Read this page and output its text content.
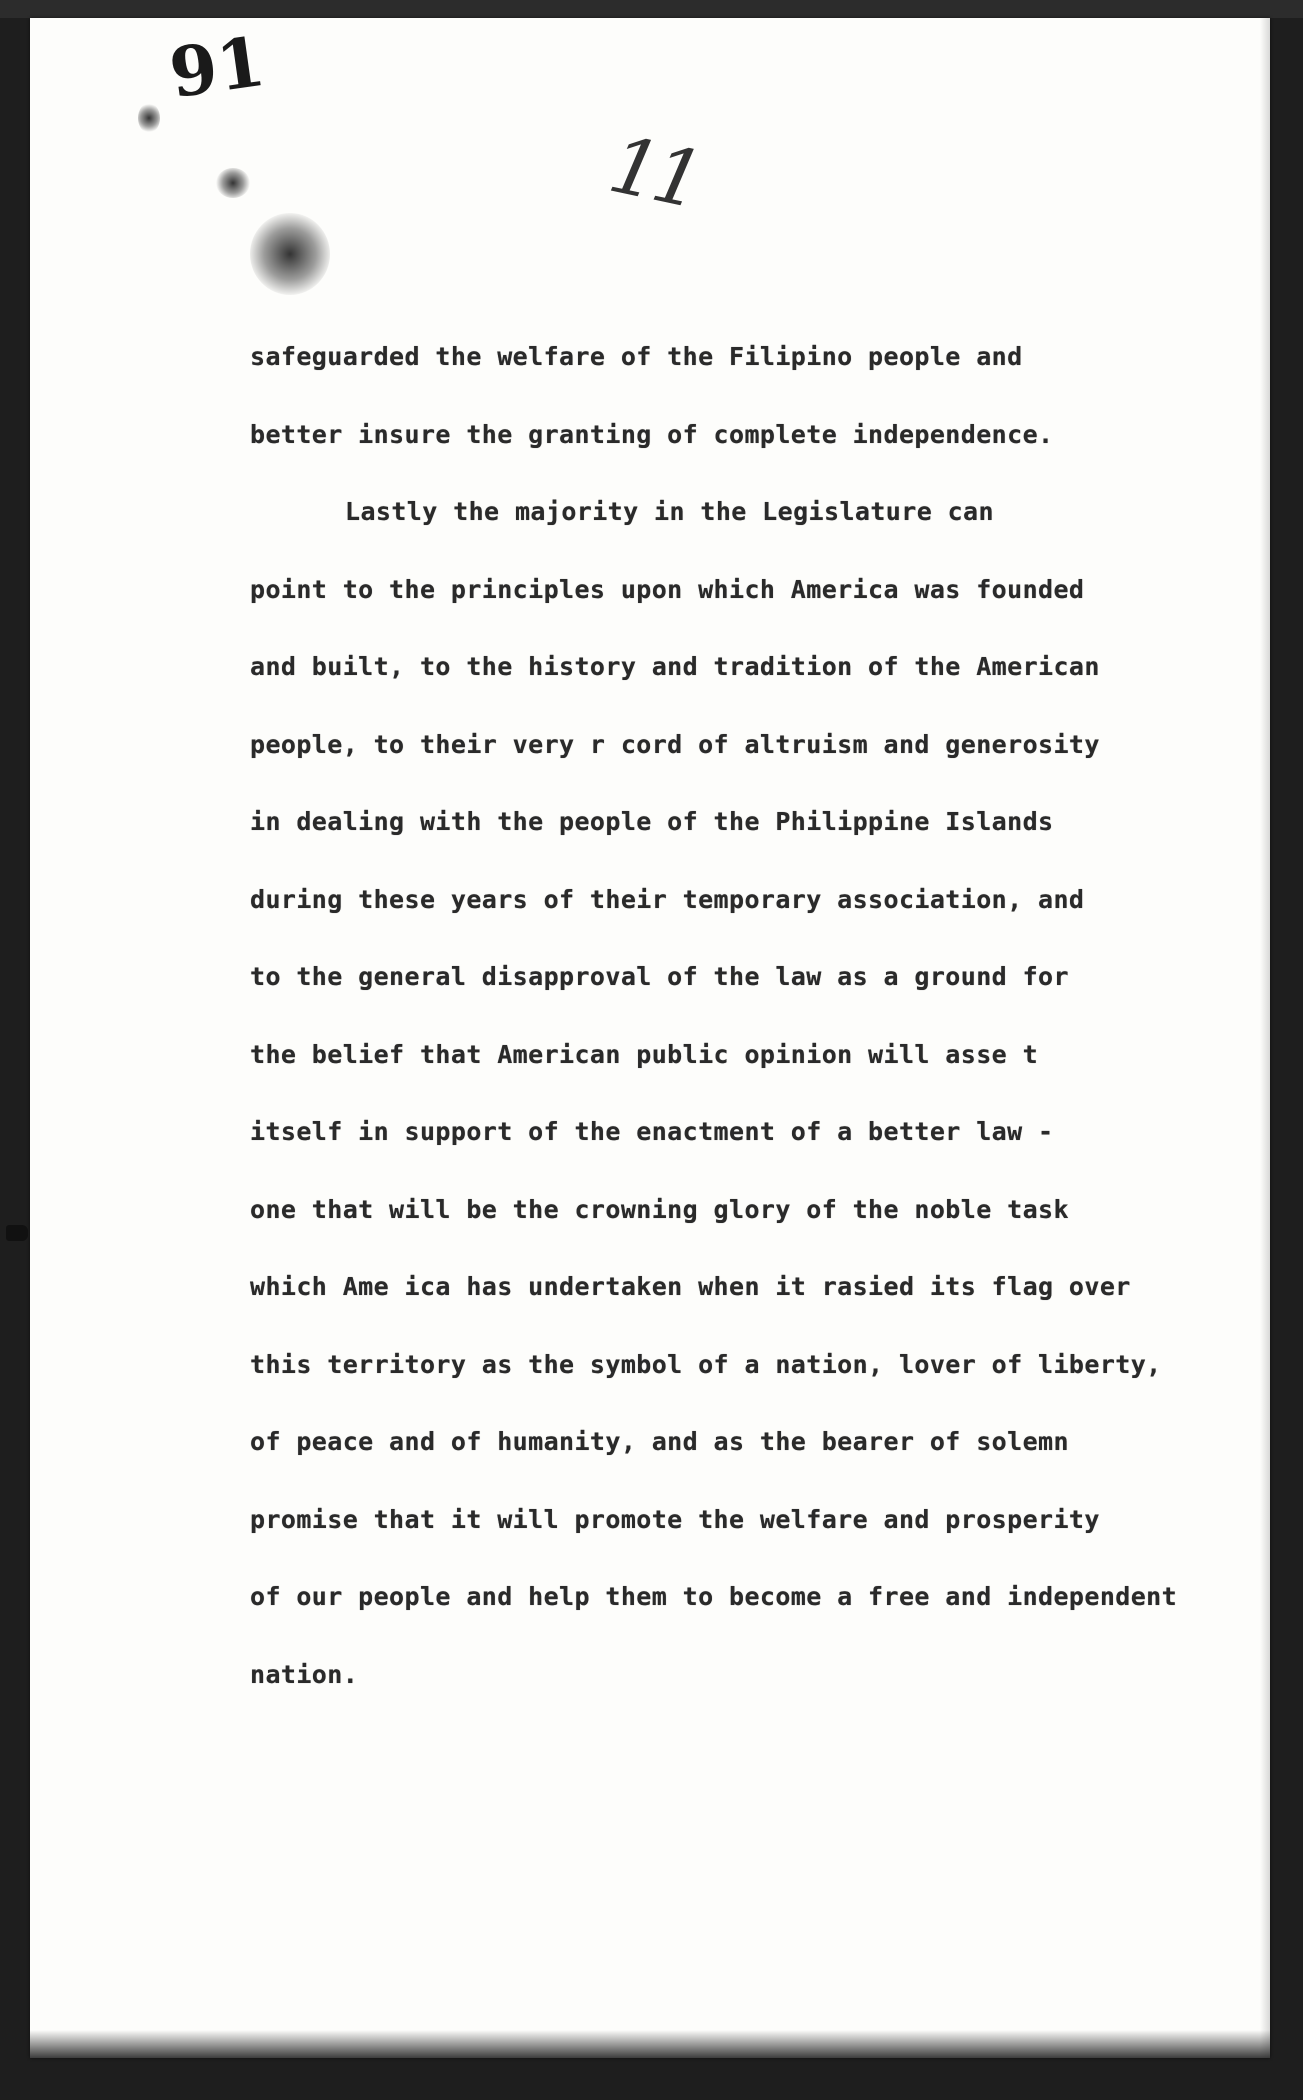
91
11
safeguarded the welfare of the Filipino people and
better insure the granting of complete independence.
Lastly the majority in the Legislature can
point to the principles upon which America was founded
and built, to the history and tradition of the American
people, to their very r cord of altruism and generosity
in dealing with the people of the Philippine Islands
during these years of their temporary association, and
to the general disapproval of the law as a ground for
the belief that American public opinion will asse t
itself in support of the enactment of a better law -
one that will be the crowning glory of the noble task
which Ame ica has undertaken when it rasied its flag over
this territory as the symbol of a nation, lover of liberty,
of peace and of humanity, and as the bearer of solemn
promise that it will promote the welfare and prosperity
of our people and help them to become a free and independent
nation.
